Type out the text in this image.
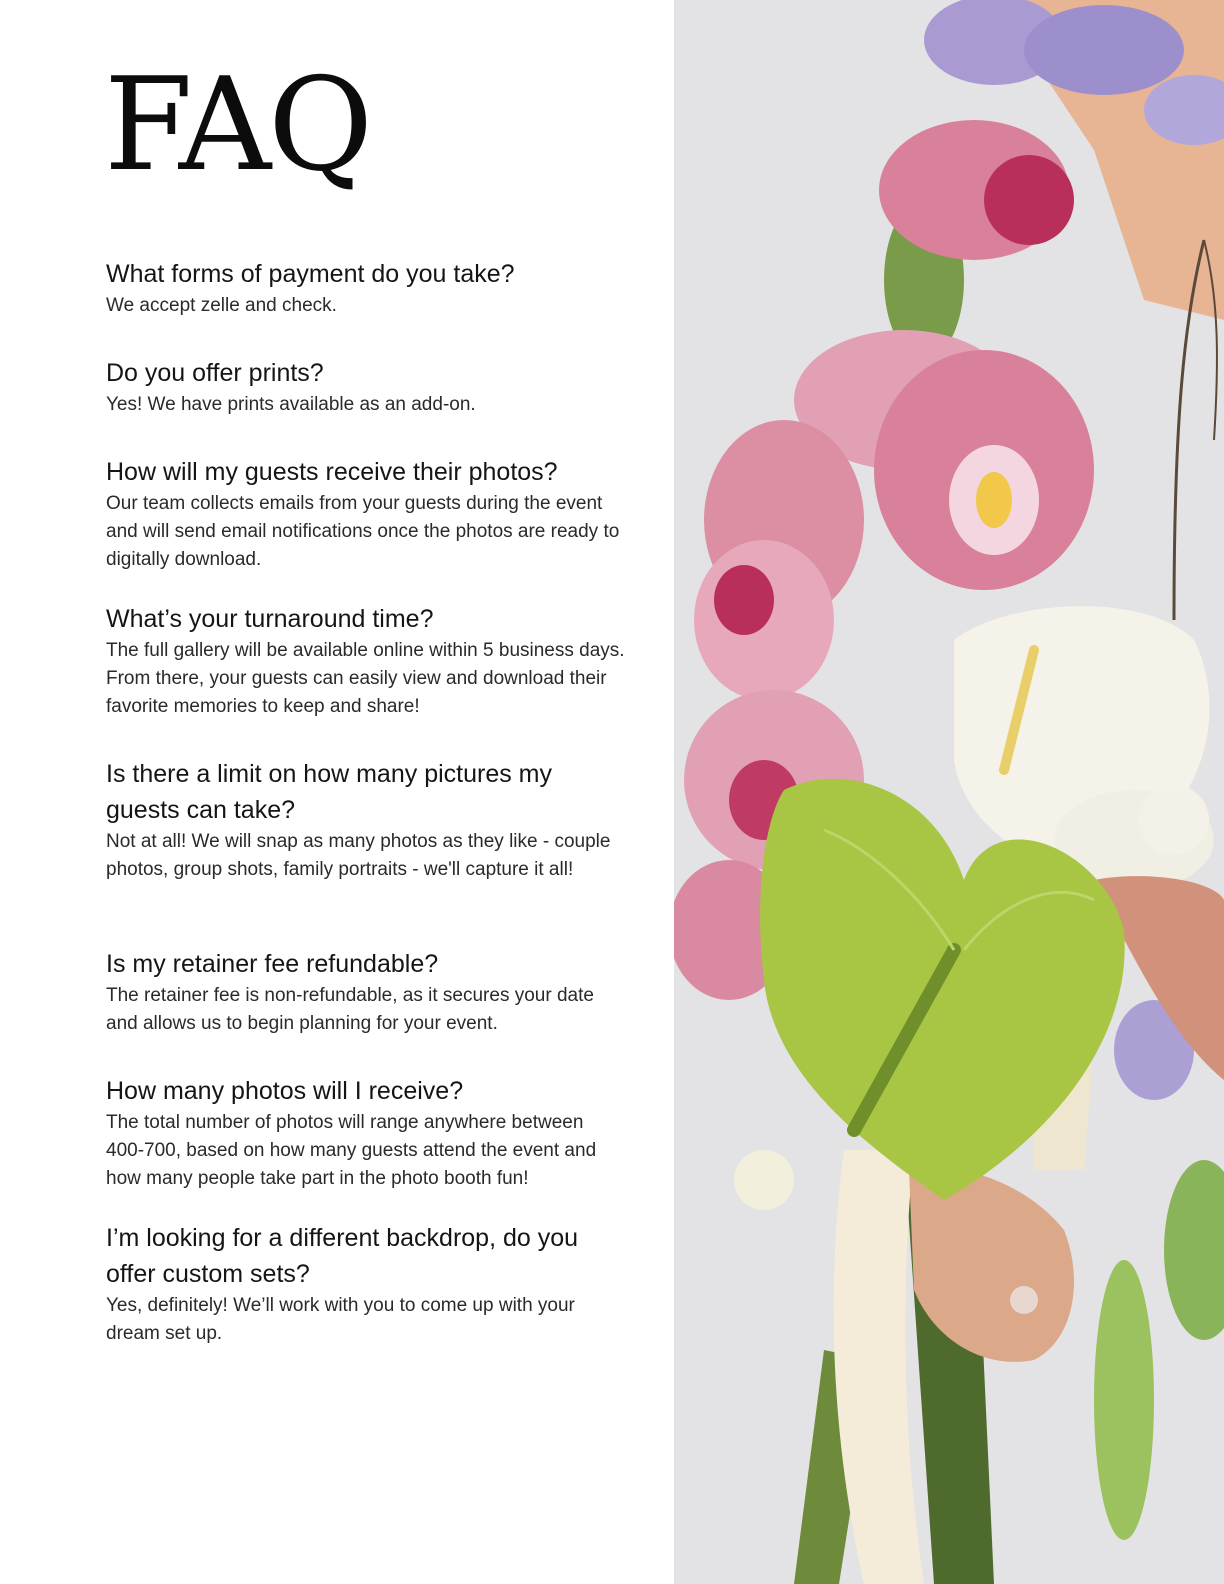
FAQ
What forms of payment do you take?

We accept zelle and check.

Do you offer prints?

Yes! We have prints available as an add-on.

How will my guests receive their photos?

Our team collects emails from your guests during the event and will send email notifications once the photos are ready to digitally download.

What’s your turnaround time?

The full gallery will be available online within 5 business days. From there, your guests can easily view and download their favorite memories to keep and share!

Is there a limit on how many pictures my guests can take?

Not at all! We will snap as many photos as they like - couple photos, group shots, family portraits - we'll capture it all!

Is my retainer fee refundable?

The retainer fee is non-refundable, as it secures your date and allows us to begin planning for your event.

How many photos will I receive?

The total number of photos will range anywhere between 400-700, based on how many guests attend the event and how many people take part in the photo booth fun!

I’m looking for a different backdrop, do you offer custom sets?

Yes, definitely! We’ll work with you to come up with your dream set up.
